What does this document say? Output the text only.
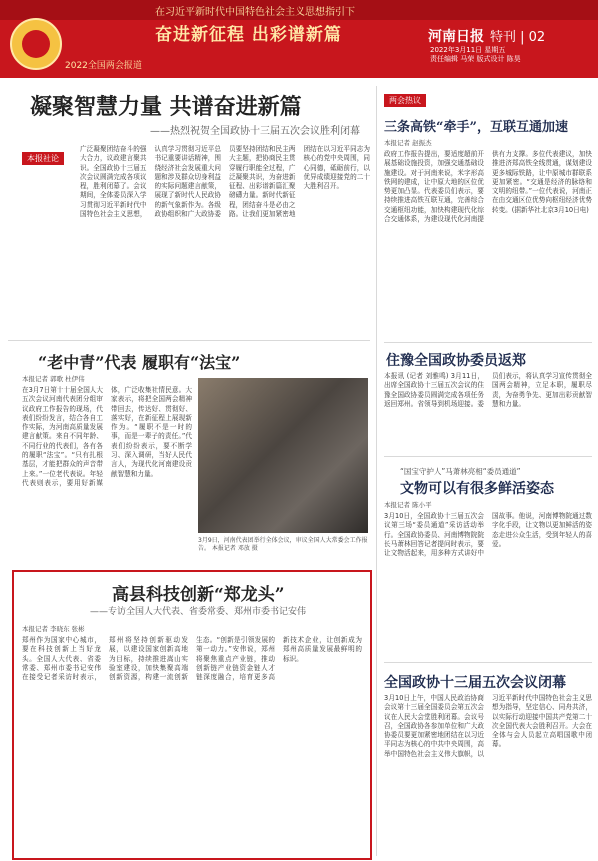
在习近平新时代中国特色社会主义思想指引下
奋进新征程 出彩谱新篇
2022全国两会报道
河南日报 特刊 | 02
2022年3月11日 星期五
责任编辑 马荣 版式设计 陈昊
凝聚智慧力量 共谱奋进新篇
——热烈祝贺全国政协十三届五次会议胜利闭幕
本报社论
广泛凝聚团结奋斗的强大合力，议政建言聚共识。全国政协十三届五次会议圆满完成各项议程，胜利闭幕了。会议期间，全体委员深入学习贯彻习近平新时代中国特色社会主义思想，认真学习贯彻习近平总书记重要讲话精神，围绕经济社会发展重大问题和涉及群众切身利益的实际问题建言献策，展现了新时代人民政协的新气象新作为。各级政协组织和广大政协委员要坚持团结和民主两大主题，把协商民主贯穿履行职能全过程，广泛凝聚共识，为奋进新征程、出彩谱新篇汇聚磅礴力量。新时代新征程，团结奋斗是必由之路。让我们更加紧密地团结在以习近平同志为核心的党中央周围，同心同德，砥砺前行，以优异成绩迎接党的二十大胜利召开。
“老中青”代表 履职有“法宝”
本报记者 郭歌 杜伊伟
在3月7日第十十届全国人大五次会议河南代表团分组审议政府工作报告的现场，代表们纷纷发言，结合各自工作实际，为河南高质量发展建言献策。来自不同年龄、不同行业的代表们，各有各的履职“法宝”。“只有扎根基层，才能把群众的声音带上来。”一位老代表说。年轻代表则表示，要用好新媒体，广泛收集社情民意。大家表示，将把全国两会精神带回去，传达好、贯彻好、落实好，在新征程上展现新作为。“履职不是一时的事，而是一辈子的责任。”代表们纷纷表示，要不断学习、深入调研，当好人民代言人，为现代化河南建设贡献智慧和力量。
3月9日，河南代表团举行全体会议，审议全国人大常委会工作报告。 本报记者 邓放 摄
高县科技创新“郑龙头”
——专访全国人大代表、省委常委、郑州市委书记安伟
本报记者 李晓东 张彬
郑州作为国家中心城市，要在科技创新上当好龙头。全国人大代表、省委常委、郑州市委书记安伟在接受记者采访时表示，郑州将坚持创新驱动发展，以建设国家创新高地为目标，持续推进嵩山实验室建设，加快集聚高端创新资源，构建一流创新生态。“创新是引领发展的第一动力。”安伟说，郑州将聚焦重点产业链，推动创新链产业链资金链人才链深度融合，培育更多高新技术企业，让创新成为郑州高质量发展最鲜明的标识。
两会热议
三条高铁“牵手”，互联互通加速
本报记者 赵振杰
政府工作报告提出，要适度超前开展基础设施投资，加强交通基础设施建设。对于河南来说，米字形高铁网的建成，让中原大地的区位优势更加凸显。代表委员们表示，要持续推进高铁互联互通，完善综合交通枢纽功能，加快构建现代化综合交通体系，为建设现代化河南提供有力支撑。多位代表建议，加快推进济郑高铁全线贯通，谋划建设更多城际铁路，让中原城市群联系更加紧密。“交通是经济的脉络和文明的纽带。”一位代表说，河南正在由交通区位优势向枢纽经济优势转变。(据新华社北京3月10日电)
住豫全国政协委员返郑
本报讯 (记者 刘雅鸣) 3月11日，出席全国政协十三届五次会议的住豫全国政协委员圆满完成各项任务返回郑州。省领导到机场迎接。委员们表示，将认真学习宣传贯彻全国两会精神，立足本职，履职尽责，为奋勇争先、更加出彩贡献智慧和力量。
“国宝守护人”马萧林亮相“委员通道”
文物可以有很多鲜活姿态
本报记者 陈小平
3月10日，全国政协十三届五次会议第三场“委员通道”采访活动举行。全国政协委员、河南博物院院长马萧林回答记者提问时表示，要让文物活起来，用多种方式讲好中国故事。他说，河南博物院通过数字化手段，让文物以更加鲜活的姿态走进公众生活，受到年轻人的喜爱。
全国政协十三届五次会议闭幕
3月10日上午，中国人民政治协商会议第十三届全国委员会第五次会议在人民大会堂胜利闭幕。会议号召，全国政协各参加单位和广大政协委员要更加紧密地团结在以习近平同志为核心的中共中央周围，高举中国特色社会主义伟大旗帜，以习近平新时代中国特色社会主义思想为指导，坚定信心、同舟共济，以实际行动迎接中国共产党第二十次全国代表大会胜利召开。大会在全体与会人员起立高唱国歌中闭幕。
